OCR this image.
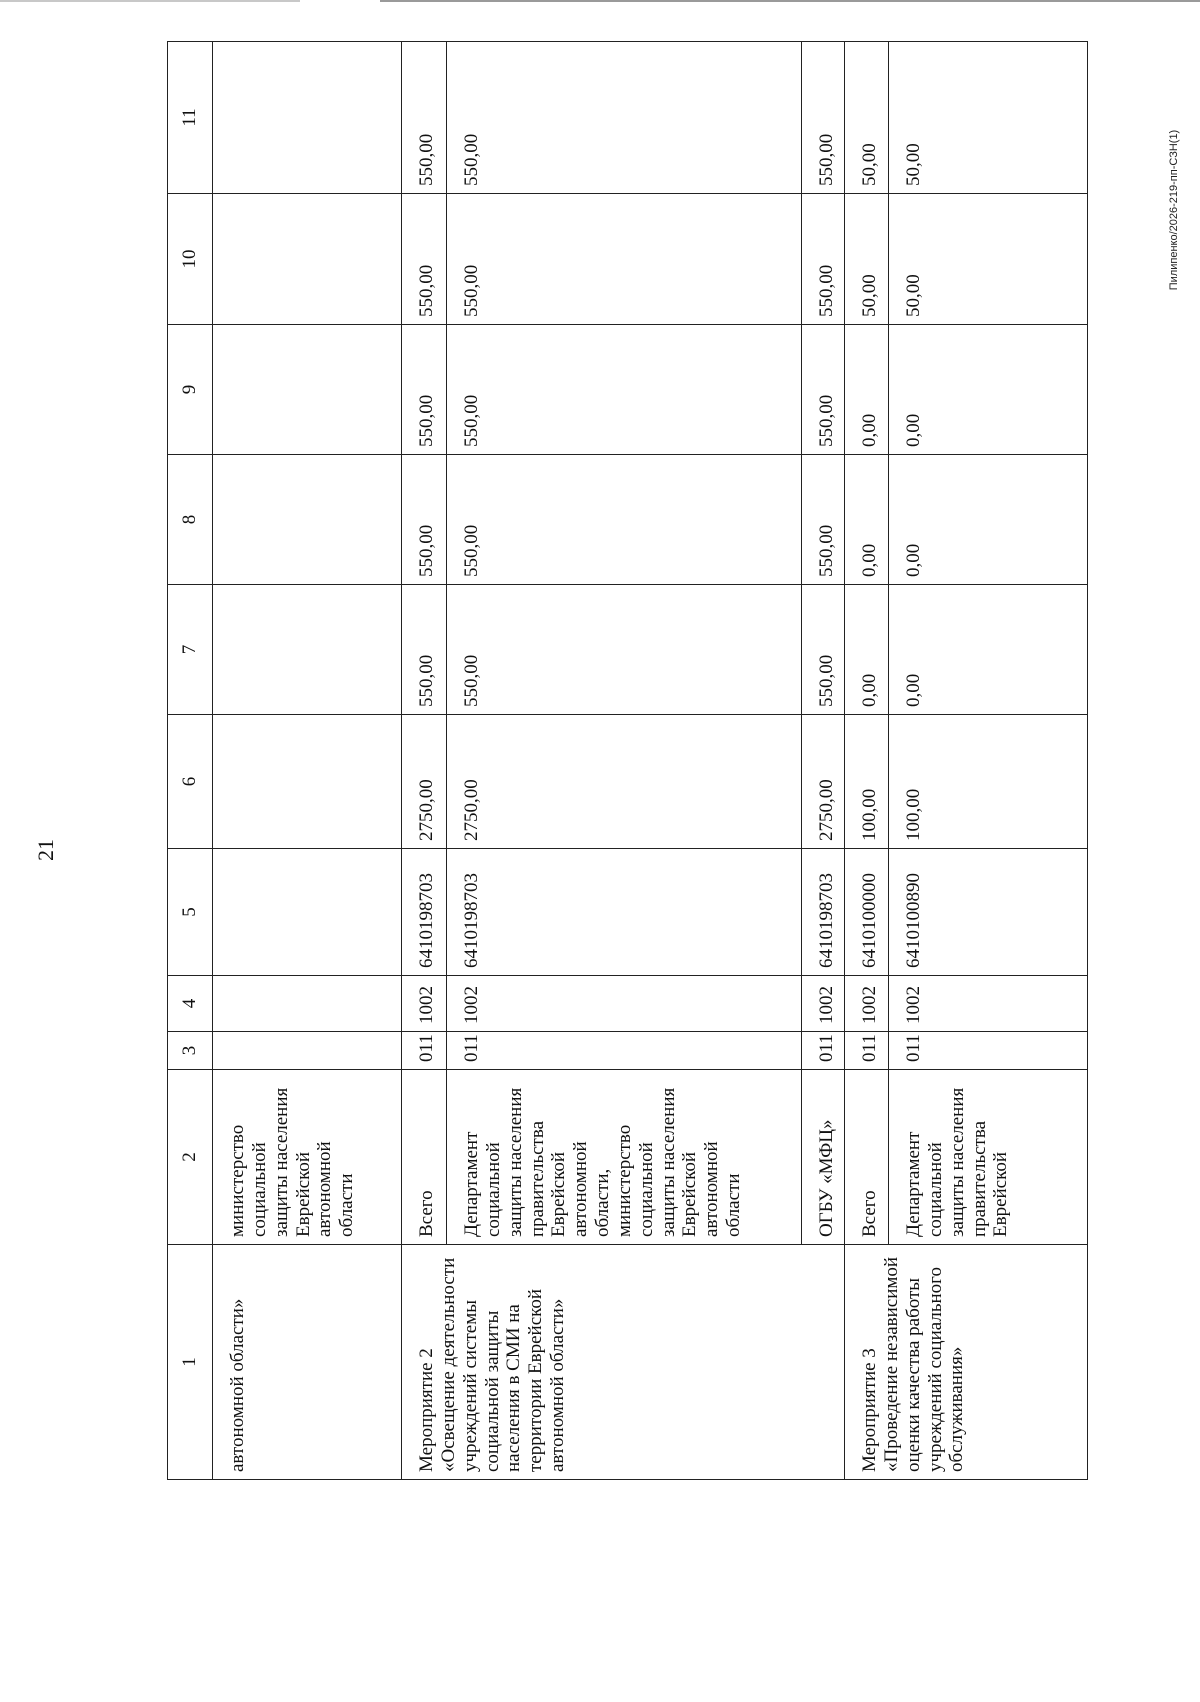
21
Пилипенко/2026-219-пп-СЗН(1)
1	2	3	4	5	6	7	8	9	10	11
автономной области»	министерство социальной защиты населения Еврейской автономной области									
Мероприятие 2 «Освещение деятельности учреждений системы социальной защиты населения в СМИ на территории Еврейской автономной области»	Всего	011	1002	6410198703	2750,00	550,00	550,00	550,00	550,00	550,00
	Департамент социальной защиты населения правительства Еврейской автономной области, министерство социальной защиты населения Еврейской автономной области	011	1002	6410198703	2750,00	550,00	550,00	550,00	550,00	550,00
	ОГБУ «МФЦ»	011	1002	6410198703	2750,00	550,00	550,00	550,00	550,00	550,00
Мероприятие 3 «Проведение независимой оценки качества работы учреждений социального обслуживания»	Всего	011	1002	6410100000	100,00	0,00	0,00	0,00	50,00	50,00
	Департамент социальной защиты населения правительства Еврейской	011	1002	6410100890	100,00	0,00	0,00	0,00	50,00	50,00
